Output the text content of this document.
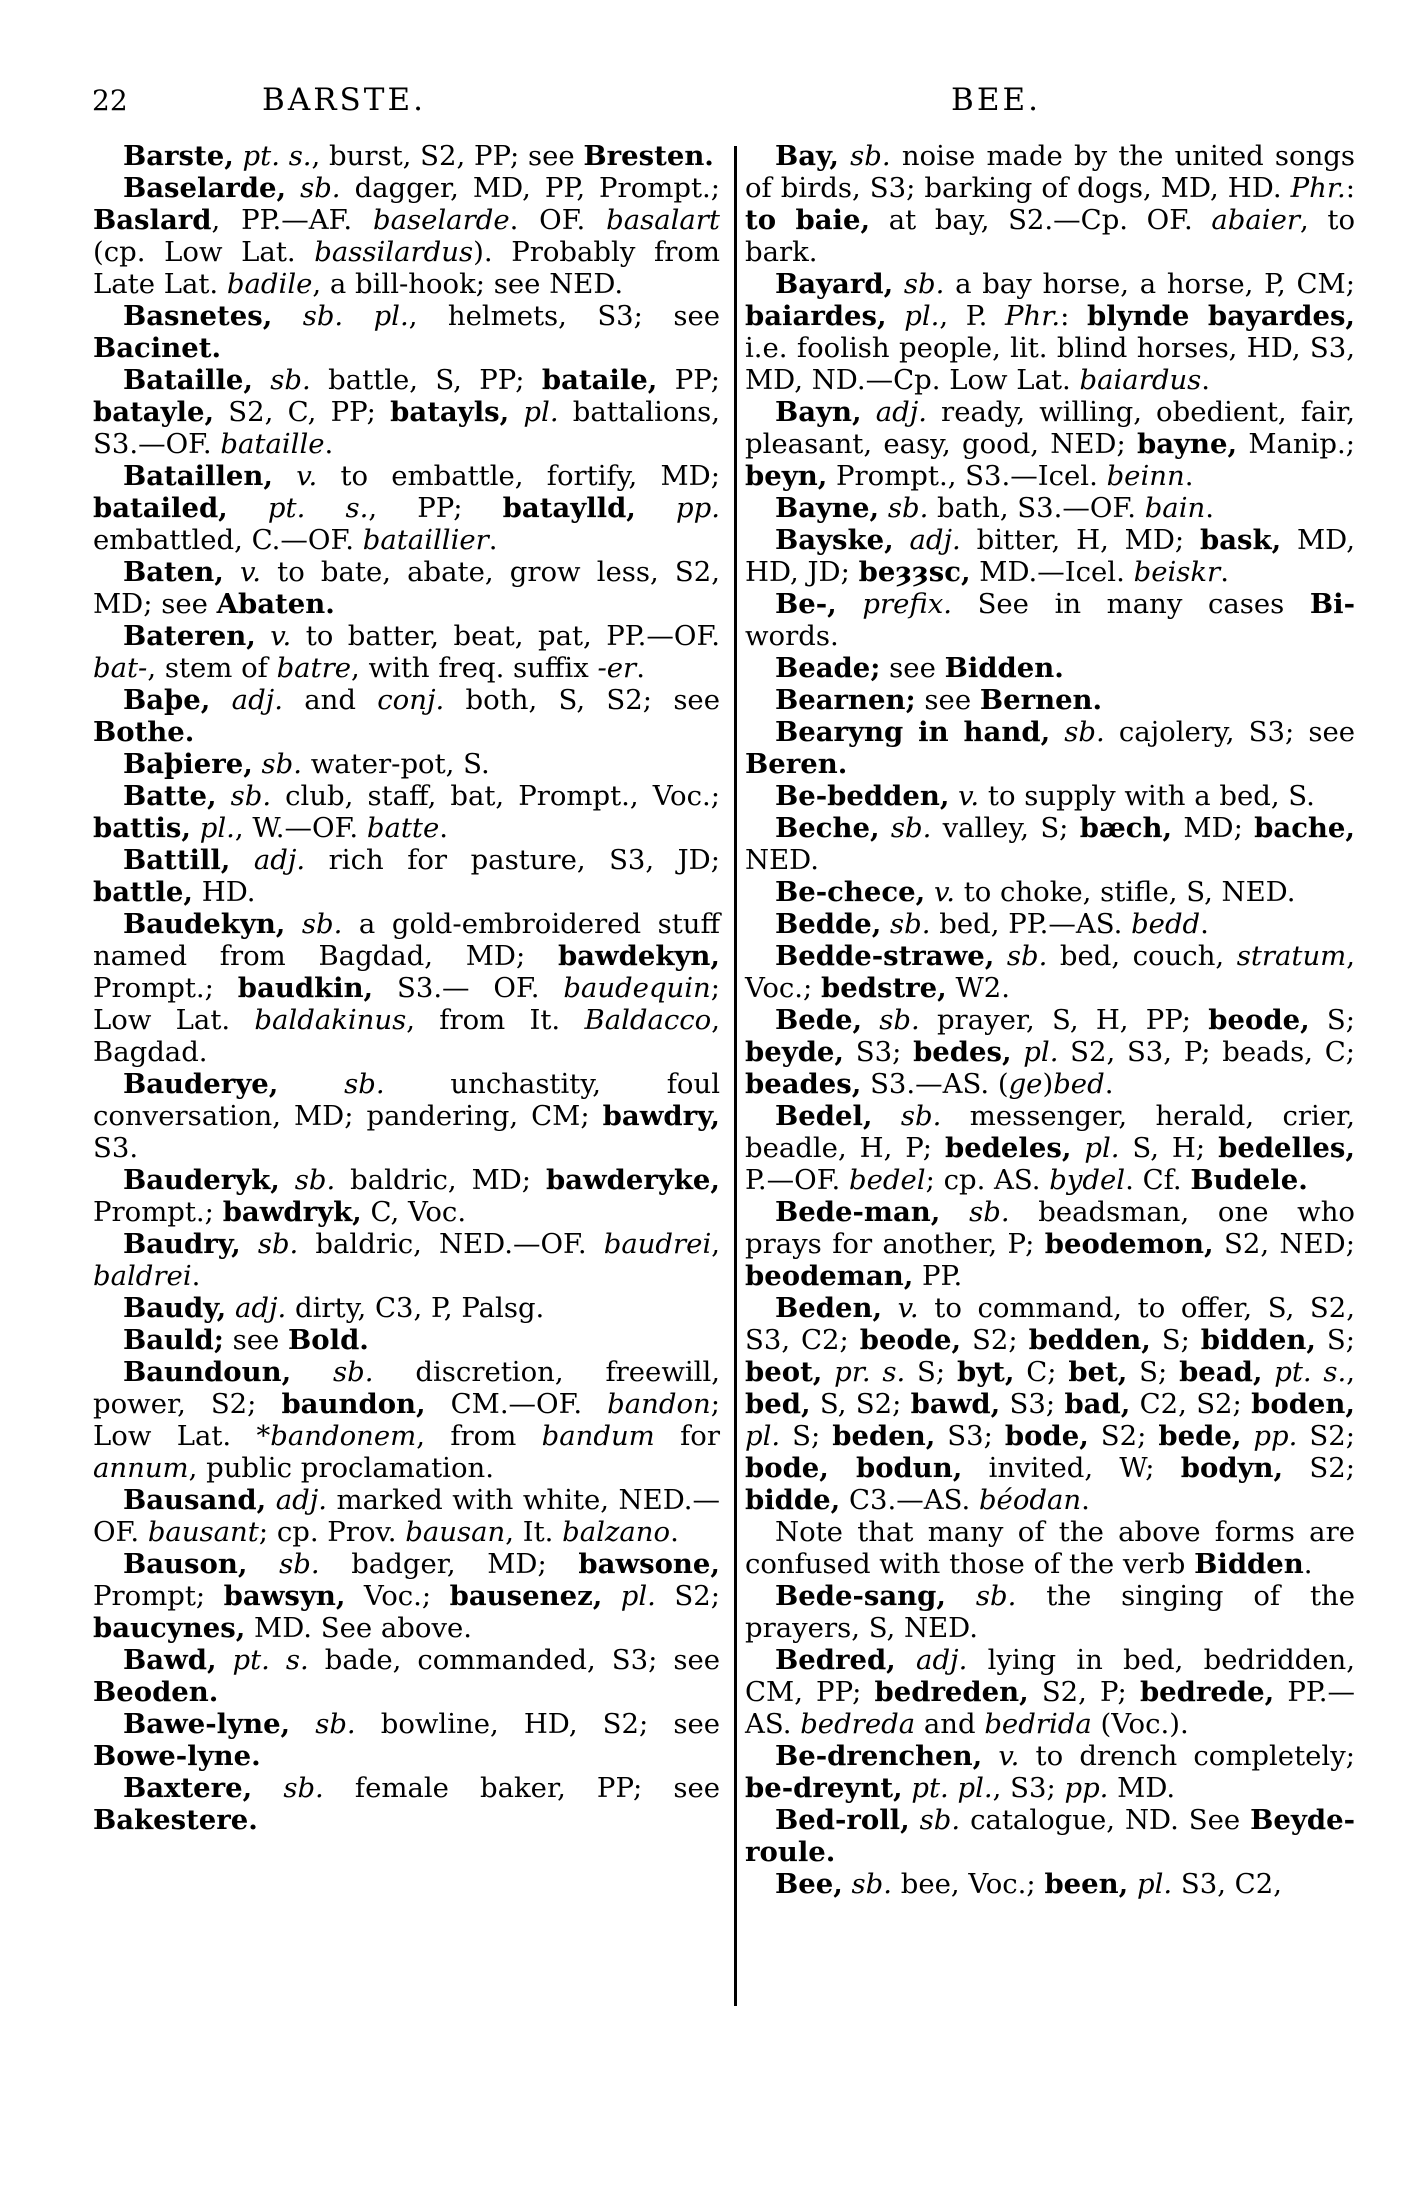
22	BARSTE.	BEE.

Barste, pt. s., burst, S2, PP; see Bresten.

Baselarde, sb. dagger, MD, PP, Prompt.; Baslard, PP.—AF. baselarde. OF. basalart (cp. Low Lat. bassilardus). Probably from Late Lat. badile, a bill-hook; see NED.

Basnetes, sb. pl., helmets, S3; see Bacinet.

Bataille, sb. battle, S, PP; bataile, PP; batayle, S2, C, PP; batayls, pl. battalions, S3.—OF. bataille.

Bataillen, v. to embattle, fortify, MD; batailed, pt. s., PP; bataylld, pp. embattled, C.—OF. bataillier.

Baten, v. to bate, abate, grow less, S2, MD; see Abaten.

Bateren, v. to batter, beat, pat, PP.—OF. bat-, stem of batre, with freq. suffix -er.

Baþe, adj. and conj. both, S, S2; see Bothe.

Baþiere, sb. water-pot, S.

Batte, sb. club, staff, bat, Prompt., Voc.; battis, pl., W.—OF. batte.

Battill, adj. rich for pasture, S3, JD; battle, HD.

Baudekyn, sb. a gold-embroidered stuff named from Bagdad, MD; bawdekyn, Prompt.; baudkin, S3.— OF. baudequin; Low Lat. baldakinus, from It. Baldacco, Bagdad.

Bauderye, sb. unchastity, foul conversation, MD; pandering, CM; bawdry, S3.

Bauderyk, sb. baldric, MD; bawderyke, Prompt.; bawdryk, C, Voc.

Baudry, sb. baldric, NED.—OF. baudrei, baldrei.

Baudy, adj. dirty, C3, P, Palsg.

Bauld; see Bold.

Baundoun, sb. discretion, freewill, power, S2; baundon, CM.—OF. bandon; Low Lat. *bandonem, from bandum for annum, public proclamation.

Bausand, adj. marked with white, NED.—OF. bausant; cp. Prov. bausan, It. balzano.

Bauson, sb. badger, MD; bawsone, Prompt; bawsyn, Voc.; bausenez, pl. S2; baucynes, MD. See above.

Bawd, pt. s. bade, commanded, S3; see Beoden.

Bawe-lyne, sb. bowline, HD, S2; see Bowe-lyne.

Baxtere, sb. female baker, PP; see Bakestere.

Bay, sb. noise made by the united songs of birds, S3; barking of dogs, MD, HD. Phr.: to baie, at bay, S2.—Cp. OF. abaier, to bark.

Bayard, sb. a bay horse, a horse, P, CM; baiardes, pl., P. Phr.: blynde bayardes, i.e. foolish people, lit. blind horses, HD, S3, MD, ND.—Cp. Low Lat. baiardus.

Bayn, adj. ready, willing, obedient, fair, pleasant, easy, good, NED; bayne, Manip.; beyn, Prompt., S3.—Icel. beinn.

Bayne, sb. bath, S3.—OF. bain.

Bayske, adj. bitter, H, MD; bask, MD, HD, JD; beȝȝsc, MD.—Icel. beiskr.

Be-, prefix. See in many cases Bi- words.

Beade; see Bidden.

Bearnen; see Bernen.

Bearyng in hand, sb. cajolery, S3; see Beren.

Be-bedden, v. to supply with a bed, S.

Beche, sb. valley, S; bæch, MD; bache, NED.

Be-chece, v. to choke, stifle, S, NED.

Bedde, sb. bed, PP.—AS. bedd.

Bedde-strawe, sb. bed, couch, stratum, Voc.; bedstre, W2.

Bede, sb. prayer, S, H, PP; beode, S; beyde, S3; bedes, pl. S2, S3, P; beads, C; beades, S3.—AS. (ge)bed.

Bedel, sb. messenger, herald, crier, beadle, H, P; bedeles, pl. S, H; bedelles, P.—OF. bedel; cp. AS. bydel. Cf. Budele.

Bede-man, sb. beadsman, one who prays for another, P; beodemon, S2, NED; beodeman, PP.

Beden, v. to command, to offer, S, S2, S3, C2; beode, S2; bedden, S; bidden, S; beot, pr. s. S; byt, C; bet, S; bead, pt. s., bed, S, S2; bawd, S3; bad, C2, S2; boden, pl. S; beden, S3; bode, S2; bede, pp. S2; bode, bodun, invited, W; bodyn, S2; bidde, C3.—AS. béodan.

Note that many of the above forms are confused with those of the verb Bidden.

Bede-sang, sb. the singing of the prayers, S, NED.

Bedred, adj. lying in bed, bedridden, CM, PP; bedreden, S2, P; bedrede, PP.—AS. bedreda and bedrida (Voc.).

Be-drenchen, v. to drench completely; be-dreynt, pt. pl., S3; pp. MD.

Bed-roll, sb. catalogue, ND. See Beyde-roule.

Bee, sb. bee, Voc.; been, pl. S3, C2,
